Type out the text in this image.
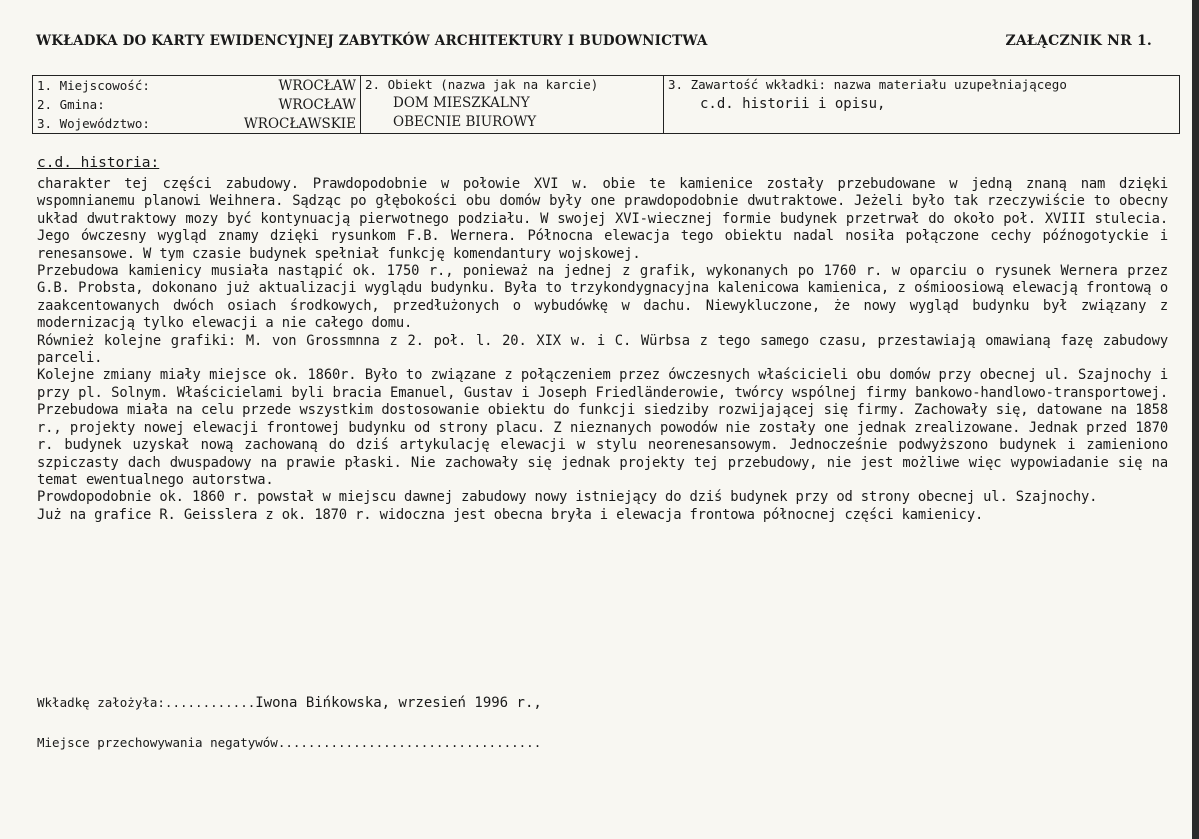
WKŁADKA DO KARTY EWIDENCYJNEJ ZABYTKÓW ARCHITEKTURY I BUDOWNICTWA	ZAŁĄCZNIK NR 1.
1. Miejscowość:	WROCŁAW
2. Gmina:	WROCŁAW
3. Województwo:	WROCŁAWSKIE
2. Obiekt (nazwa jak na karcie)
DOM MIESZKALNY
OBECNIE BIUROWY
3. Zawartość wkładki: nazwa materiału uzupełniającego
c.d. historii i opisu,
c.d. historia:

charakter tej części zabudowy. Prawdopodobnie w połowie XVI w. obie te kamienice zostały przebudowane w jedną znaną nam dzięki wspomnianemu planowi Weihnera. Sądząc po głębokości obu domów były one prawdopodobnie dwutraktowe. Jeżeli było tak rzeczywiście to obecny układ dwutraktowy mozy być kontynuacją pierwotnego podziału. W swojej XVI-wiecznej formie budynek przetrwał do około poł. XVIII stulecia. Jego ówczesny wygląd znamy dzięki rysunkom F.B. Wernera. Północna elewacja tego obiektu nadal nosiła połączone cechy późnogotyckie i renesansowe. W tym czasie budynek spełniał funkcję komendantury wojskowej.

Przebudowa kamienicy musiała nastąpić ok. 1750 r., ponieważ na jednej z grafik, wykonanych po 1760 r. w oparciu o rysunek Wernera przez G.B. Probsta, dokonano już aktualizacji wyglądu budynku. Była to trzykondygnacyjna kalenicowa kamienica, z ośmioosiową elewacją frontową o zaakcentowanych dwóch osiach środkowych, przedłużonych o wybudówkę w dachu. Niewykluczone, że nowy wygląd budynku był związany z modernizacją tylko elewacji a nie całego domu.

Również kolejne grafiki: M. von Grossmnna z 2. poł. l. 20. XIX w. i C. Würbsa z tego samego czasu, przestawiają omawianą fazę zabudowy parceli.

Kolejne zmiany miały miejsce ok. 1860r. Było to związane z połączeniem przez ówczesnych właścicieli obu domów przy obecnej ul. Szajnochy i przy pl. Solnym. Właścicielami byli bracia Emanuel, Gustav i Joseph Friedländerowie, twórcy wspólnej firmy bankowo-handlowo-transportowej. Przebudowa miała na celu przede wszystkim dostosowanie obiektu do funkcji siedziby rozwijającej się firmy. Zachowały się, datowane na 1858 r., projekty nowej elewacji frontowej budynku od strony placu. Z nieznanych powodów nie zostały one jednak zrealizowane. Jednak przed 1870 r. budynek uzyskał nową zachowaną do dziś artykulację elewacji w stylu neorenesansowym. Jednocześnie podwyższono budynek i zamieniono szpiczasty dach dwuspadowy na prawie płaski. Nie zachowały się jednak projekty tej przebudowy, nie jest możliwe więc wypowiadanie się na temat ewentualnego autorstwa.

Prowdopodobnie ok. 1860 r. powstał w miejscu dawnej zabudowy nowy istniejący do dziś budynek przy od strony obecnej ul. Szajnochy.

Już na grafice R. Geisslera z ok. 1870 r. widoczna jest obecna bryła i elewacja frontowa północnej części kamienicy.

Wkładkę założyła:............Iwona Bińkowska, wrzesień 1996 r.,
Miejsce przechowywania negatywów...................................
